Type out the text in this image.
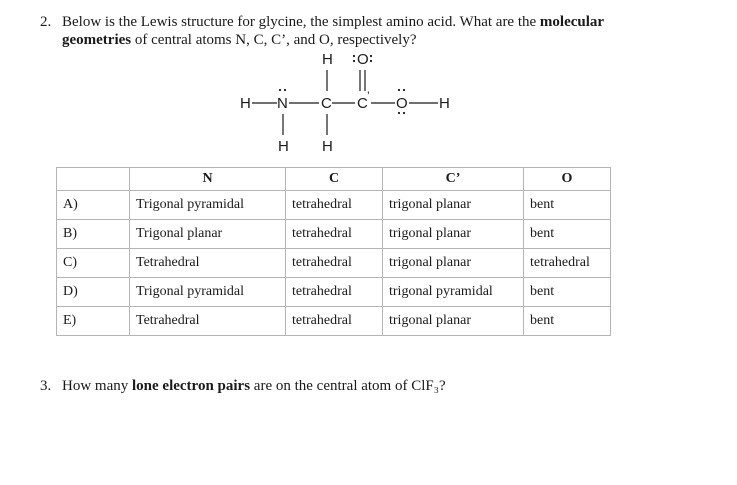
2. Below is the Lewis structure for glycine, the simplest amino acid. What are the molecular
geometries of central atoms N, C, C’, and O, respectively?
H O
H N C C ’ O H
H H
	N	C	C’	O
A)	Trigonal pyramidal	tetrahedral	trigonal planar	bent
B)	Trigonal planar	tetrahedral	trigonal planar	bent
C)	Tetrahedral	tetrahedral	trigonal planar	tetrahedral
D)	Trigonal pyramidal	tetrahedral	trigonal pyramidal	bent
E)	Tetrahedral	tetrahedral	trigonal planar	bent
3. How many lone electron pairs are on the central atom of ClF₃?
